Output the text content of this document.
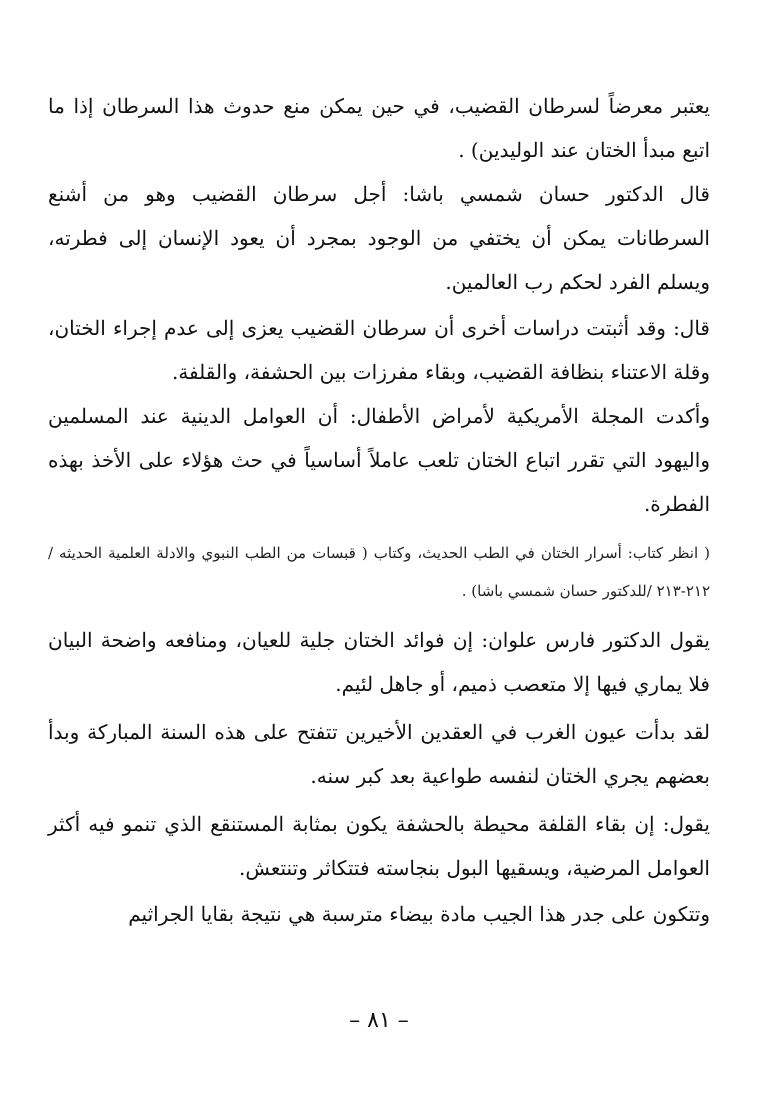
يعتبر معرضاً لسرطان القضيب، في حين يمكن منع حدوث هذا السرطان إذا ما اتبع مبدأ الختان عند الوليدين) .

قال الدكتور حسان شمسي باشا: أجل سرطان القضيب وهو من أشنع السرطانات يمكن أن يختفي من الوجود بمجرد أن يعود الإنسان إلى فطرته، ويسلم الفرد لحكم رب العالمين.

قال: وقد أثبتت دراسات أخرى أن سرطان القضيب يعزى إلى عدم إجراء الختان، وقلة الاعتناء بنظافة القضيب، وبقاء مفرزات بين الحشفة، والقلفة.

وأكدت المجلة الأمريكية لأمراض الأطفال: أن العوامل الدينية عند المسلمين واليهود التي تقرر اتباع الختان تلعب عاملاً أساسياً في حث هؤلاء على الأخذ بهذه الفطرة.

( انظر كتاب: أسرار الختان في الطب الحديث، وكتاب ( قبسات من الطب النبوي والادلة العلمية الحديثه / ٢١٢-٢١٣ /للدكتور حسان شمسي باشا) .

يقول الدكتور فارس علوان: إن فوائد الختان جلية للعيان، ومنافعه واضحة البيان فلا يماري فيها إلا متعصب ذميم، أو جاهل لئيم.

لقد بدأت عيون الغرب في العقدين الأخيرين تتفتح على هذه السنة المباركة وبدأ بعضهم يجري الختان لنفسه طواعية بعد كبر سنه.

يقول: إن بقاء القلفة محيطة بالحشفة يكون بمثابة المستنقع الذي تنمو فيه أكثر العوامل المرضية، ويسقيها البول بنجاسته فتتكاثر وتنتعش.

وتتكون على جدر هذا الجيب مادة بيضاء مترسبة هي نتيجة بقايا الجراثيم

– ٨١ –
